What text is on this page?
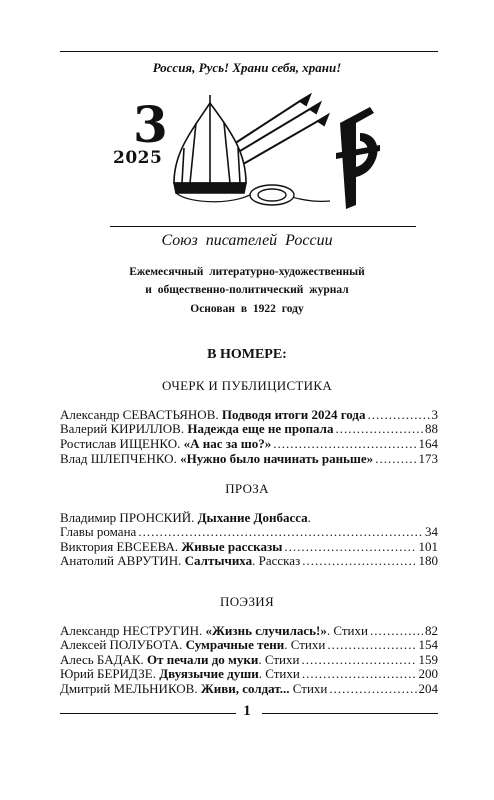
Россия, Русь! Храни себя, храни!
3
2025
Союз писателей России
Ежемесячный литературно-художественный
и общественно-политический журнал
Основан в 1922 году
В НОМЕРЕ:
ОЧЕРК И ПУБЛИЦИСТИКА
Александр СЕВАСТЬЯНОВ. Подводя итоги 2024 года .....	3
Валерий КИРИЛЛОВ. Надежда еще не пропала .....	88
Ростислав ИЩЕНКО. «А нас за шо?» .....	164
Влад ШЛЕПЧЕНКО. «Нужно было начинать раньше» .....	173
ПРОЗА
Владимир ПРОНСКИЙ. Дыхание Донбасса.
Главы романа .....	34
Виктория ЕВСЕЕВА. Живые рассказы .....	101
Анатолий АВРУТИН. Салтычиха. Рассказ .....	180
ПОЭЗИЯ
Александр НЕСТРУГИН. «Жизнь случилась!». Стихи .....	82
Алексей ПОЛУБОТА. Сумрачные тени. Стихи .....	154
Алесь БАДАК. От печали до муки. Стихи .....	159
Юрий БЕРИДЗЕ. Двуязычие души. Стихи .....	200
Дмитрий МЕЛЬНИКОВ. Живи, солдат... Стихи .....	204
1
